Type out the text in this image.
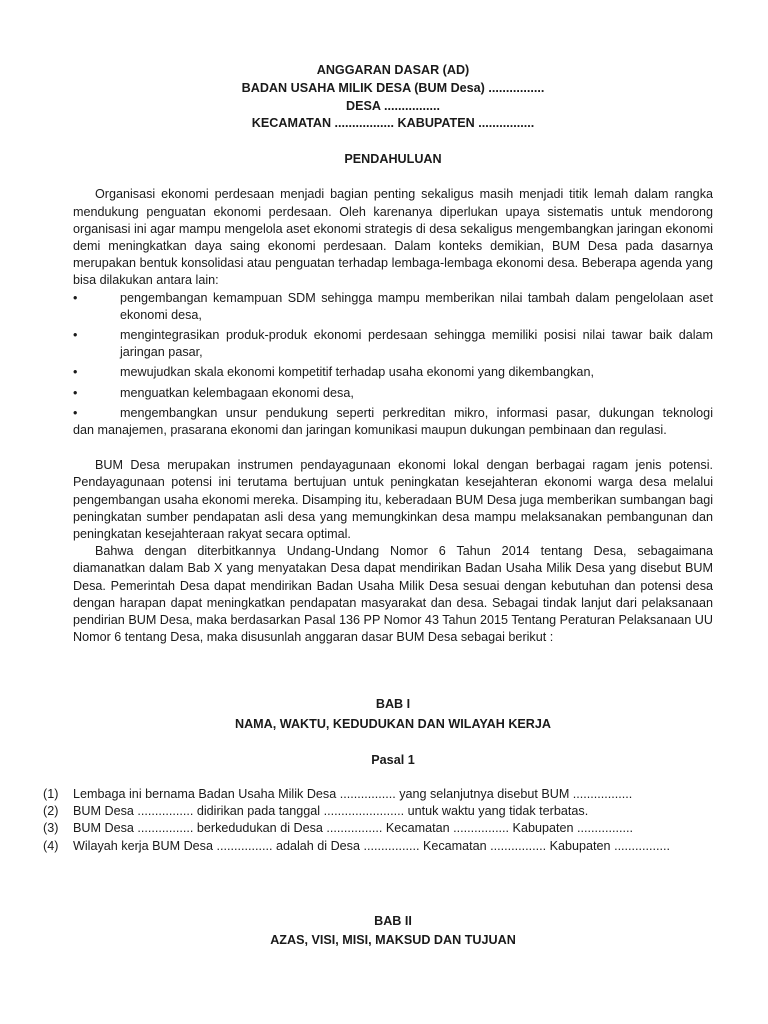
ANGGARAN DASAR (AD)
BADAN USAHA MILIK DESA (BUM Desa) ................
DESA ................
KECAMATAN ................. KABUPATEN ................
PENDAHULUAN

Organisasi ekonomi perdesaan menjadi bagian penting sekaligus masih menjadi titik lemah dalam rangka mendukung penguatan ekonomi perdesaan. Oleh karenanya diperlukan upaya sistematis untuk mendorong organisasi ini agar mampu mengelola aset ekonomi strategis di desa sekaligus mengembangkan jaringan ekonomi demi meningkatkan daya saing ekonomi perdesaan. Dalam konteks demikian, BUM Desa pada dasarnya merupakan bentuk konsolidasi atau penguatan terhadap lembaga-lembaga ekonomi desa. Beberapa agenda yang bisa dilakukan antara lain:

•	pengembangan kemampuan SDM sehingga mampu memberikan nilai tambah dalam pengelolaan aset ekonomi desa,
•	mengintegrasikan produk-produk ekonomi perdesaan sehingga memiliki posisi nilai tawar baik dalam jaringan pasar,
•	mewujudkan skala ekonomi kompetitif terhadap usaha ekonomi yang dikembangkan,
•	menguatkan kelembagaan ekonomi desa,
•	mengembangkan unsur pendukung seperti perkreditan mikro, informasi pasar, dukungan teknologi
dan manajemen, prasarana ekonomi dan jaringan komunikasi maupun dukungan pembinaan dan regulasi.

BUM Desa merupakan instrumen pendayagunaan ekonomi lokal dengan berbagai ragam jenis potensi. Pendayagunaan potensi ini terutama bertujuan untuk peningkatan kesejahteran ekonomi warga desa melalui pengembangan usaha ekonomi mereka. Disamping itu, keberadaan BUM Desa juga memberikan sumbangan bagi peningkatan sumber pendapatan asli desa yang memungkinkan desa mampu melaksanakan pembangunan dan peningkatan kesejahteraan rakyat secara optimal.

Bahwa dengan diterbitkannya Undang-Undang Nomor 6 Tahun 2014 tentang Desa, sebagaimana diamanatkan dalam Bab X yang menyatakan Desa dapat mendirikan Badan Usaha Milik Desa yang disebut BUM Desa. Pemerintah Desa dapat mendirikan Badan Usaha Milik Desa sesuai dengan kebutuhan dan potensi desa dengan harapan dapat meningkatkan pendapatan masyarakat dan desa. Sebagai tindak lanjut dari pelaksanaan pendirian BUM Desa, maka berdasarkan Pasal 136 PP Nomor 43 Tahun 2015 Tentang Peraturan Pelaksanaan UU Nomor 6 tentang Desa, maka disusunlah anggaran dasar BUM Desa sebagai berikut :

BAB I
NAMA, WAKTU, KEDUDUKAN DAN WILAYAH KERJA
Pasal 1
(1) Lembaga ini bernama Badan Usaha Milik Desa ................ yang selanjutnya disebut BUM .................
(2) BUM Desa ................ didirikan pada tanggal ....................... untuk waktu yang tidak terbatas.
(3) BUM Desa ................ berkedudukan di Desa ................ Kecamatan ................ Kabupaten ................
(4) Wilayah kerja BUM Desa ................ adalah di Desa ................ Kecamatan ................ Kabupaten ................
BAB II
AZAS, VISI, MISI, MAKSUD DAN TUJUAN
